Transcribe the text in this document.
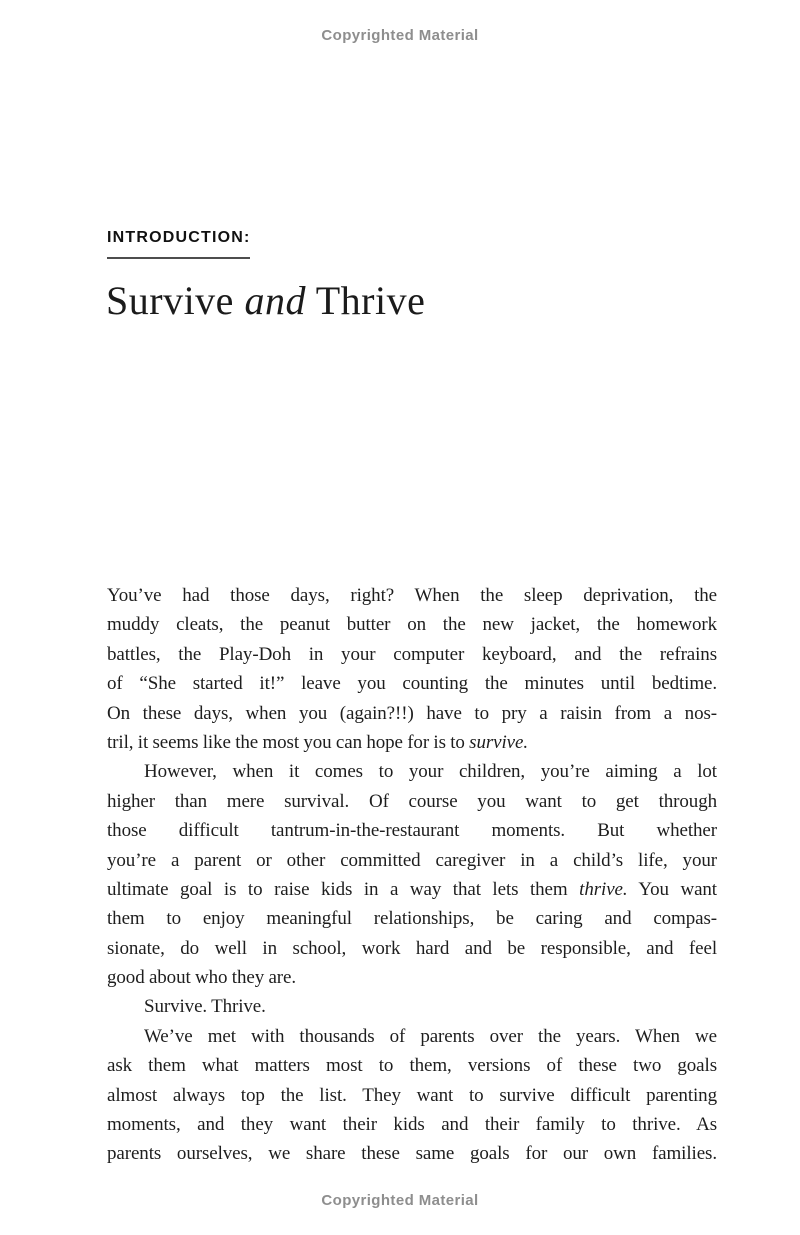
Copyrighted Material
INTRODUCTION:
Survive and Thrive
You’ve had those days, right? When the sleep deprivation, the
muddy cleats, the peanut butter on the new jacket, the homework
battles, the Play-Doh in your computer keyboard, and the refrains
of “She started it!” leave you counting the minutes until bedtime.
On these days, when you (again?!!) have to pry a raisin from a nos-
tril, it seems like the most you can hope for is to survive.
However, when it comes to your children, you’re aiming a lot
higher than mere survival. Of course you want to get through
those difficult tantrum-in-the-restaurant moments. But whether
you’re a parent or other committed caregiver in a child’s life, your
ultimate goal is to raise kids in a way that lets them thrive. You want
them to enjoy meaningful relationships, be caring and compas-
sionate, do well in school, work hard and be responsible, and feel
good about who they are.
Survive. Thrive.
We’ve met with thousands of parents over the years. When we
ask them what matters most to them, versions of these two goals
almost always top the list. They want to survive difficult parenting
moments, and they want their kids and their family to thrive. As
parents ourselves, we share these same goals for our own families.
Copyrighted Material
